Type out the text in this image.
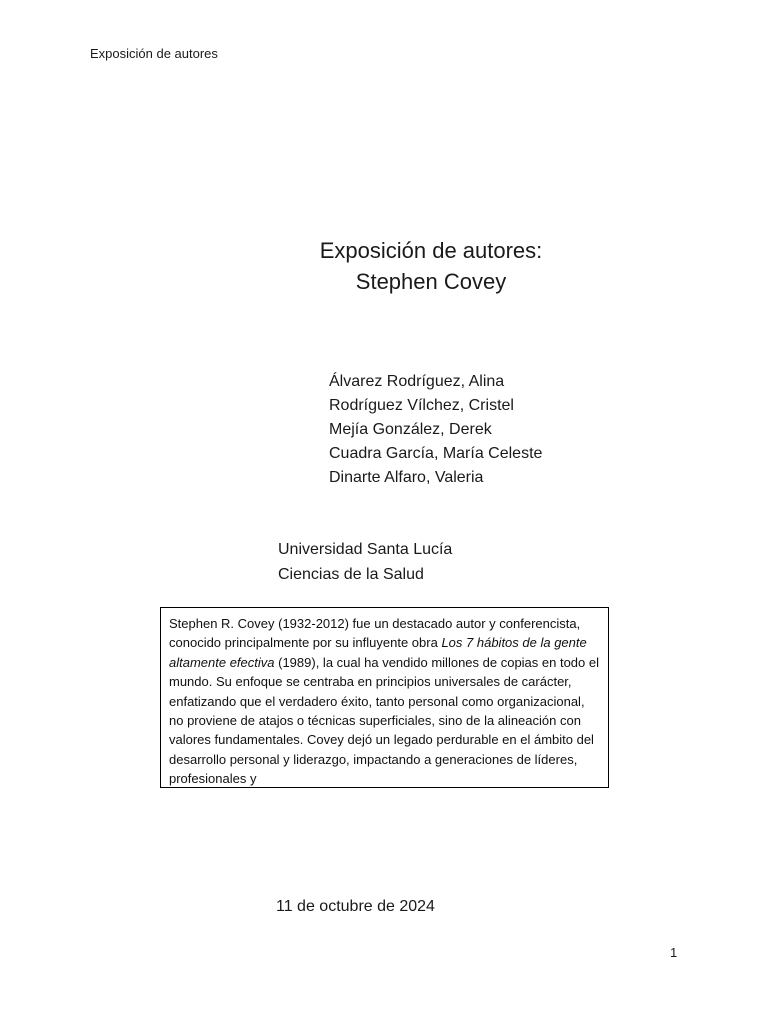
Exposición de autores
Exposición de autores:
Stephen Covey
Álvarez Rodríguez, Alina
Rodríguez Vílchez, Cristel
Mejía González, Derek
Cuadra García, María Celeste
Dinarte Alfaro, Valeria
Universidad Santa Lucía
Ciencias de la Salud
Stephen R. Covey (1932-2012) fue un destacado autor y conferencista, conocido principalmente por su influyente obra Los 7 hábitos de la gente altamente efectiva (1989), la cual ha vendido millones de copias en todo el mundo. Su enfoque se centraba en principios universales de carácter, enfatizando que el verdadero éxito, tanto personal como organizacional, no proviene de atajos o técnicas superficiales, sino de la alineación con valores fundamentales. Covey dejó un legado perdurable en el ámbito del desarrollo personal y liderazgo, impactando a generaciones de líderes, profesionales y
11 de octubre de 2024
1
